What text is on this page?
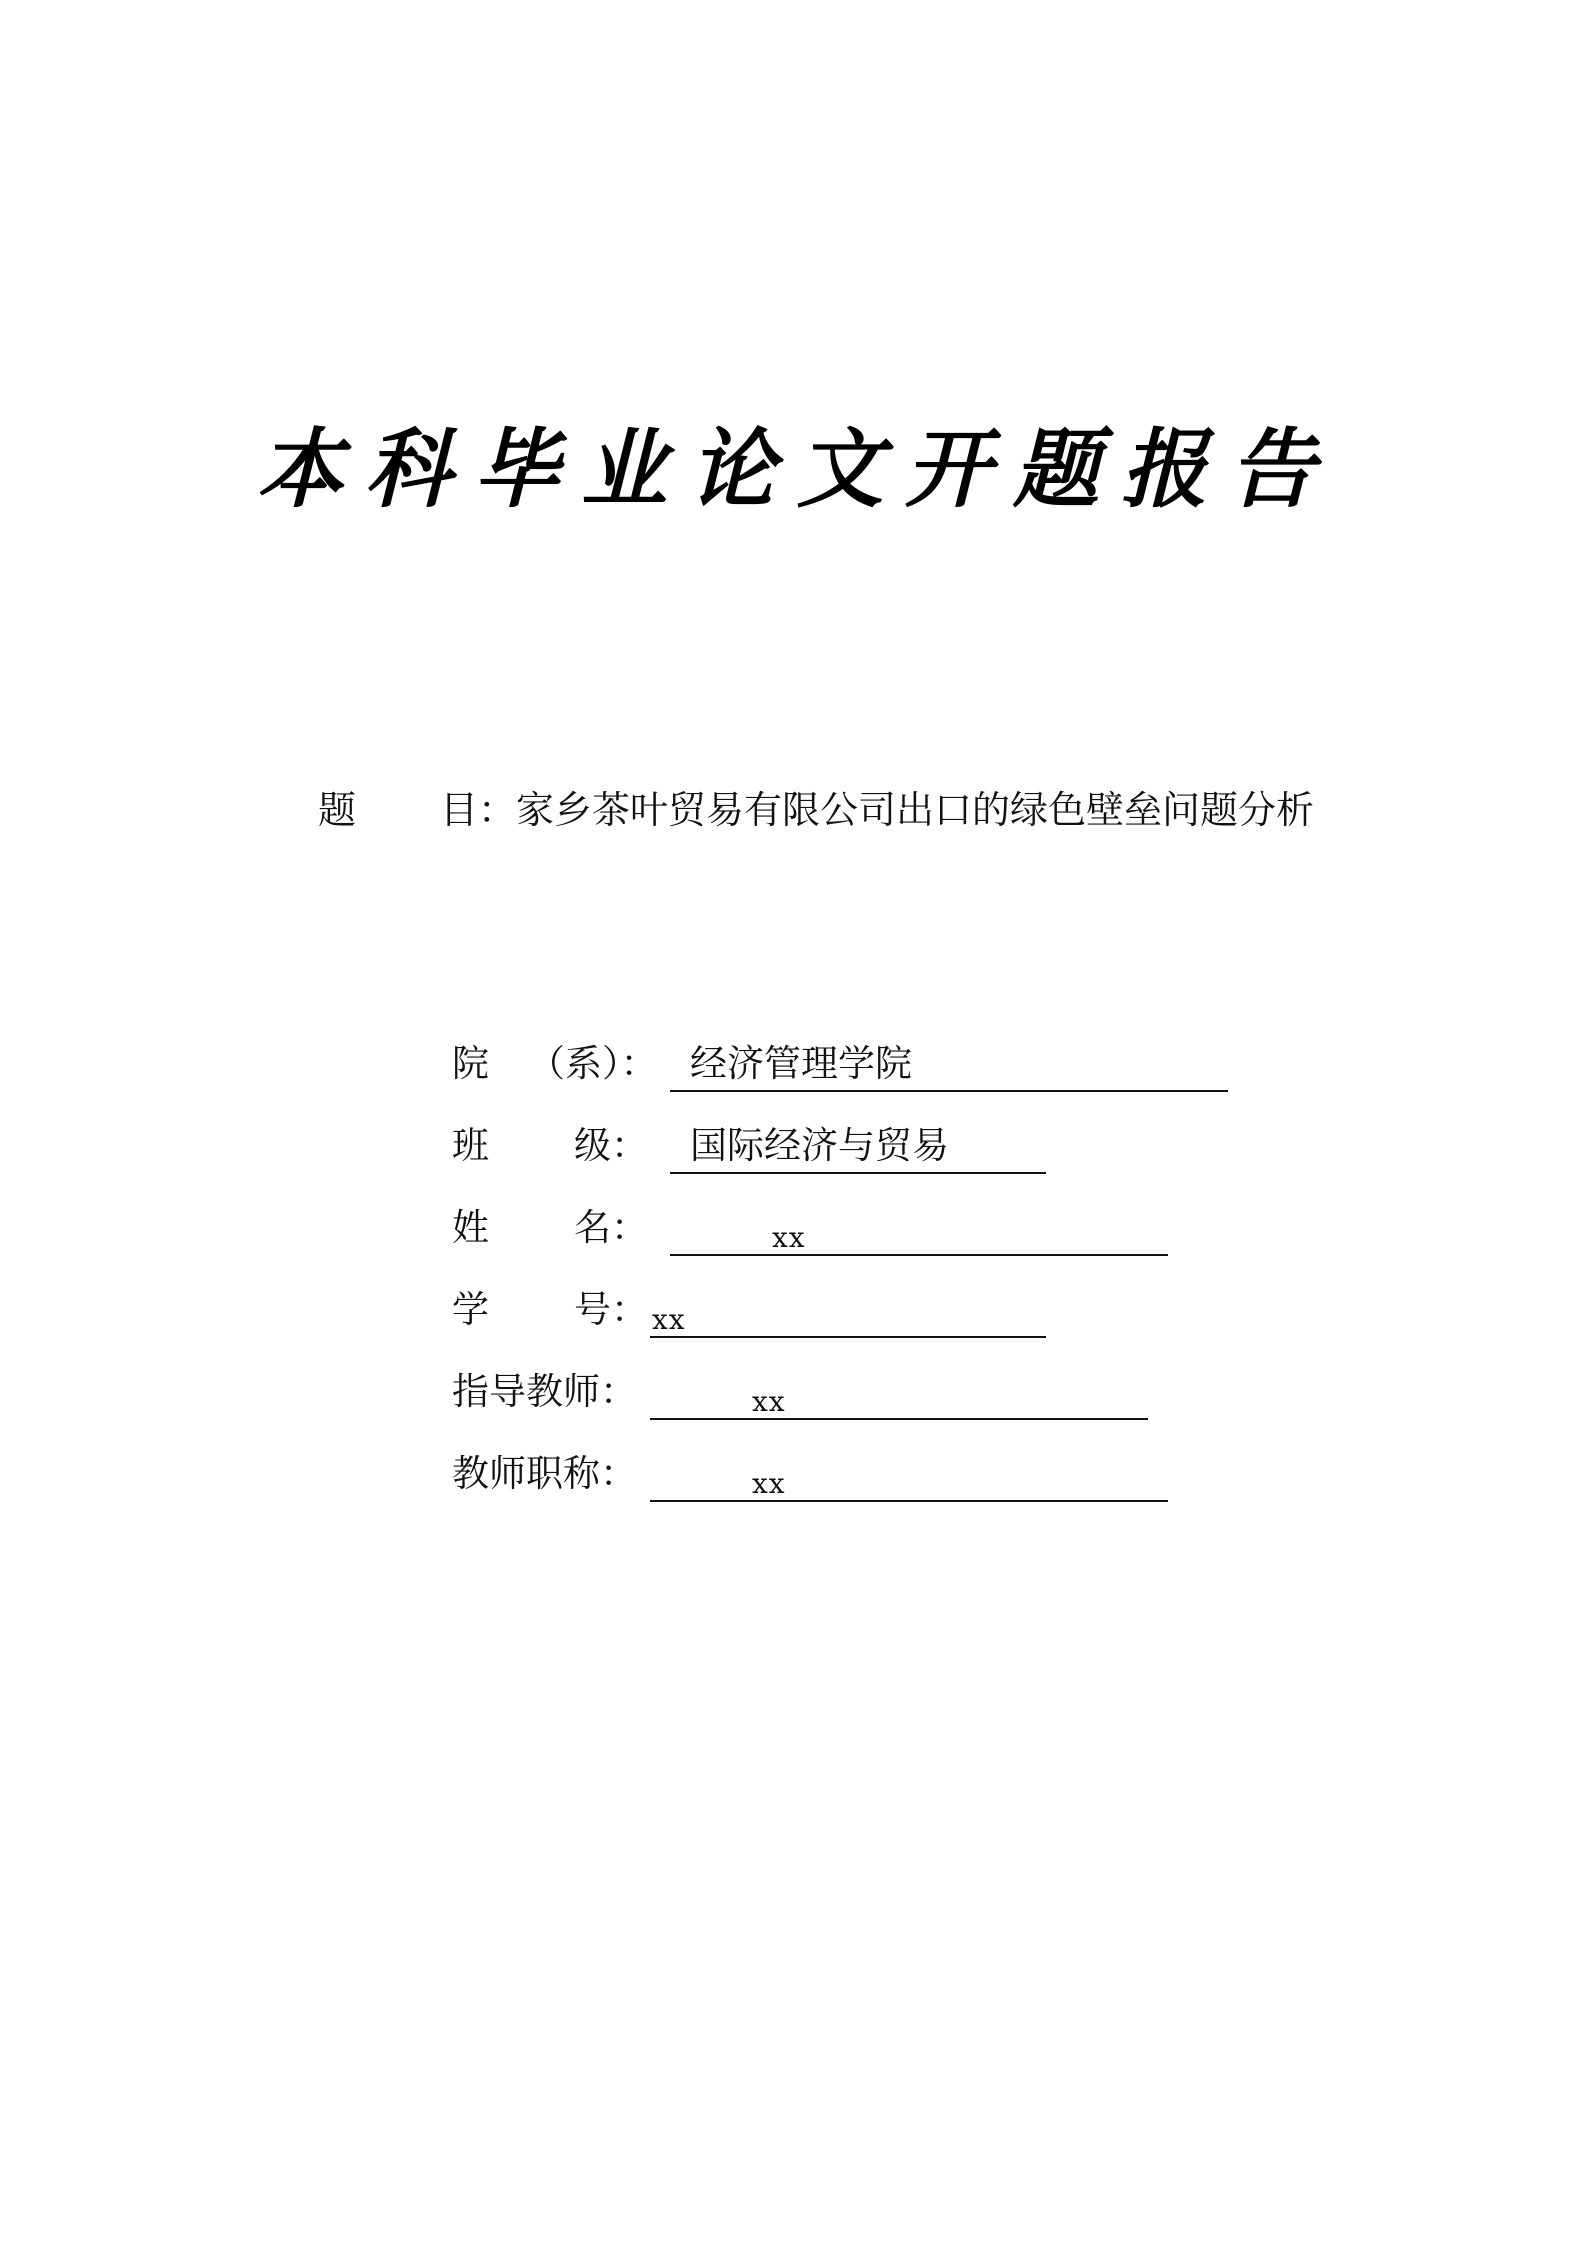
本科毕业论文开题报告
题 目：家乡茶叶贸易有限公司出口的绿色壁垒问题分析
院 （系）： 经济管理学院
班 级： 国际经济与贸易
姓 名：	xx
学 号： xx
指导教师：	xx
教师职称：	xx
